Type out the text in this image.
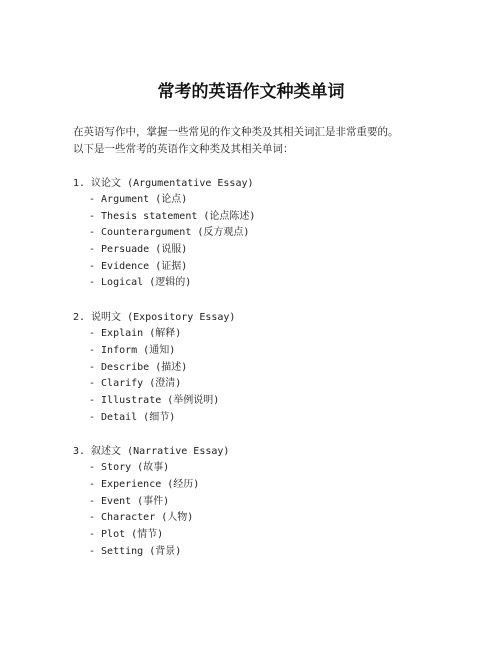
常考的英语作文种类单词
在英语写作中，掌握一些常见的作文种类及其相关词汇是非常重要的。
以下是一些常考的英语作文种类及其相关单词：
1. 议论文 (Argumentative Essay)
- Argument (论点)
- Thesis statement (论点陈述)
- Counterargument (反方观点)
- Persuade (说服)
- Evidence (证据)
- Logical (逻辑的)
2. 说明文 (Expository Essay)
- Explain (解释)
- Inform (通知)
- Describe (描述)
- Clarify (澄清)
- Illustrate (举例说明)
- Detail (细节)
3. 叙述文 (Narrative Essay)
- Story (故事)
- Experience (经历)
- Event (事件)
- Character (人物)
- Plot (情节)
- Setting (背景)
